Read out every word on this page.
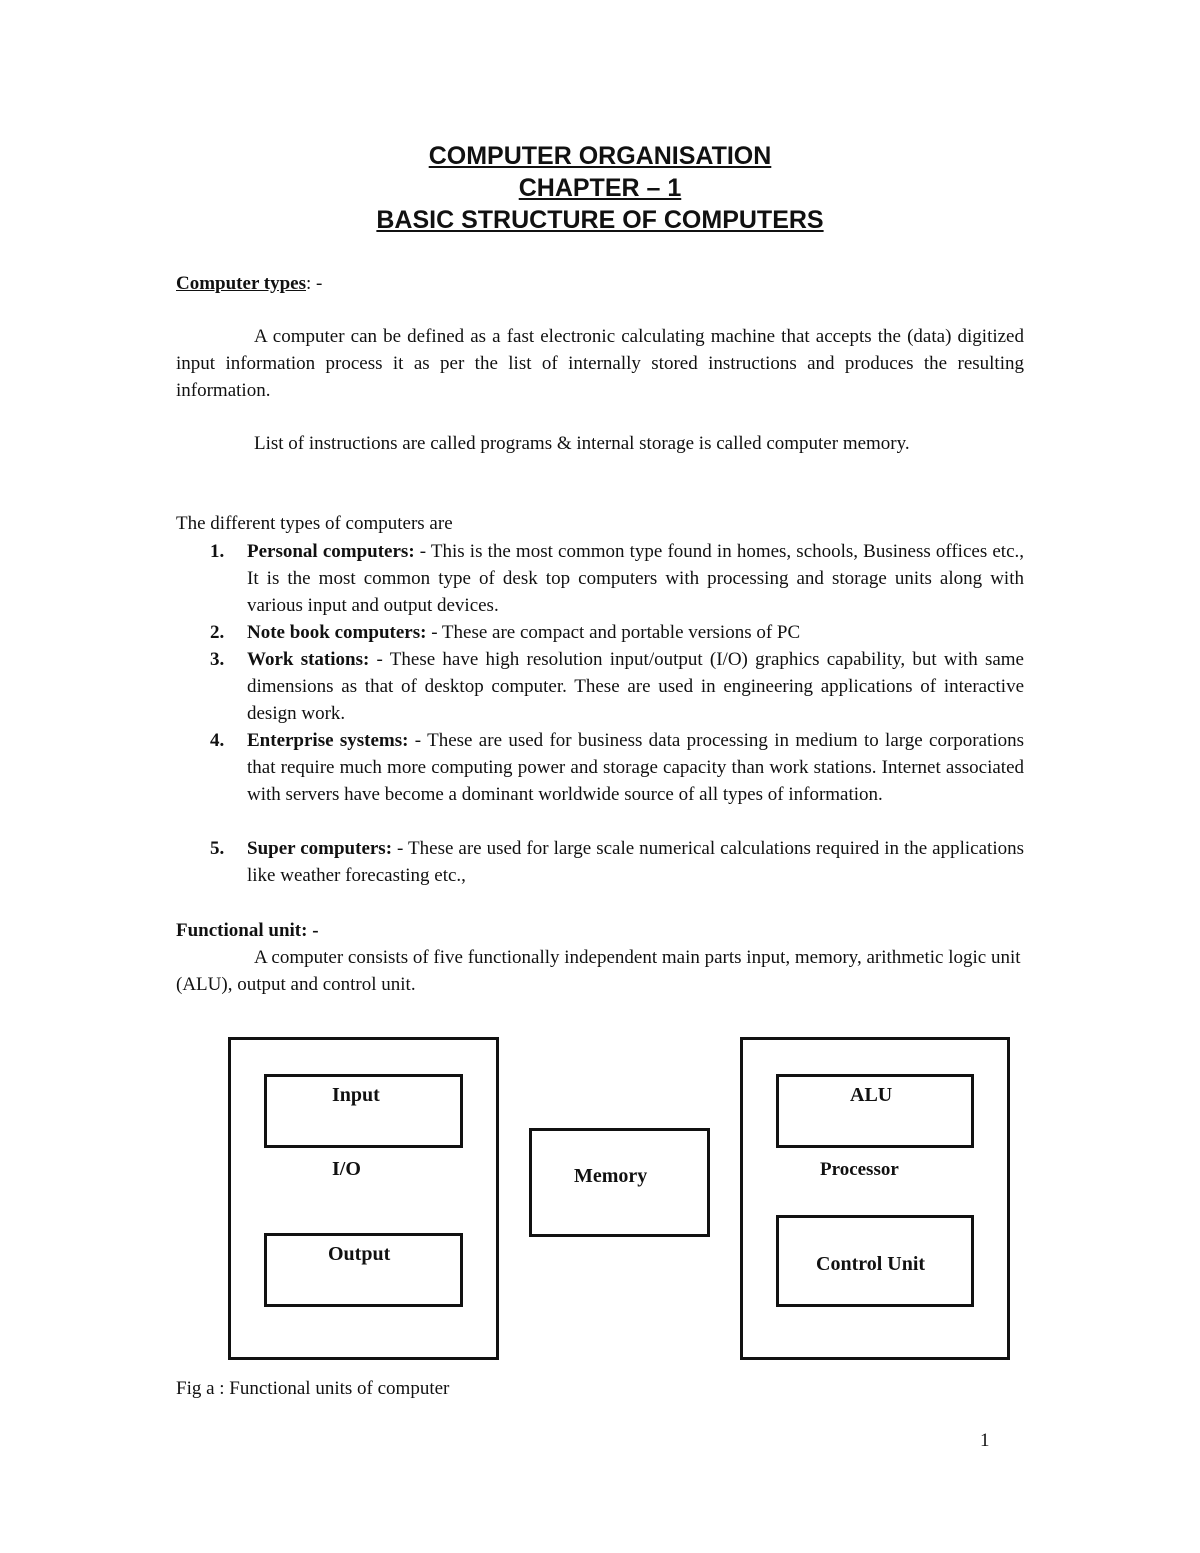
COMPUTER ORGANISATION
CHAPTER – 1
BASIC STRUCTURE OF COMPUTERS
Computer types: -

A computer can be defined as a fast electronic calculating machine that accepts the (data) digitized input information process it as per the list of internally stored instructions and produces the resulting information.

List of instructions are called programs & internal storage is called computer memory.

The different types of computers are

1. Personal computers: - This is the most common type found in homes, schools, Business offices etc., It is the most common type of desk top computers with processing and storage units along with various input and output devices.
2. Note book computers: - These are compact and portable versions of PC
3. Work stations: - These have high resolution input/output (I/O) graphics capability, but with same dimensions as that of desktop computer. These are used in engineering applications of interactive design work.
4. Enterprise systems: - These are used for business data processing in medium to large corporations that require much more computing power and storage capacity than work stations. Internet associated with servers have become a dominant worldwide source of all types of information.
5. Super computers: - These are used for large scale numerical calculations required in the applications like weather forecasting etc.,
Functional unit: -

A computer consists of five functionally independent main parts input, memory, arithmetic logic unit (ALU), output and control unit.

Input
I/O
Output
Memory
ALU
Processor
Control Unit
Fig a : Functional units of computer
1
